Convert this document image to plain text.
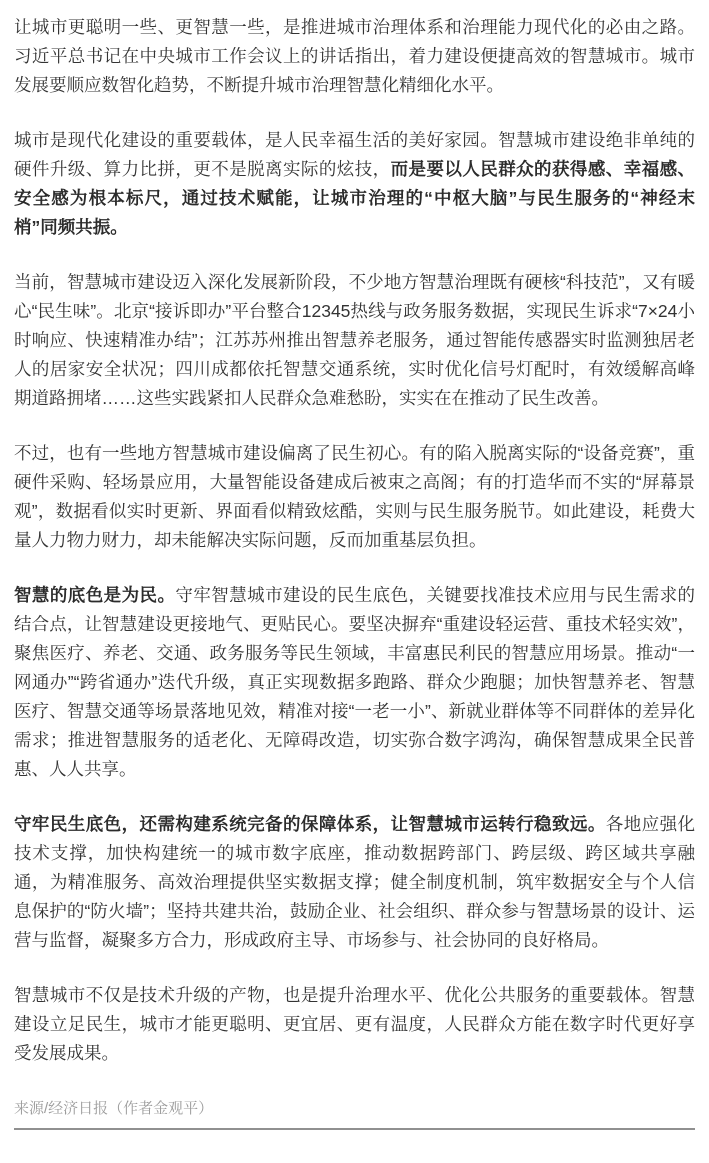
让城市更聪明一些、更智慧一些，是推进城市治理体系和治理能力现代化的必由之路。习近平总书记在中央城市工作会议上的讲话指出，着力建设便捷高效的智慧城市。城市发展要顺应数智化趋势，不断提升城市治理智慧化精细化水平。

城市是现代化建设的重要载体，是人民幸福生活的美好家园。智慧城市建设绝非单纯的硬件升级、算力比拼，更不是脱离实际的炫技，而是要以人民群众的获得感、幸福感、安全感为根本标尺，通过技术赋能，让城市治理的“中枢大脑”与民生服务的“神经末梢”同频共振。

当前，智慧城市建设迈入深化发展新阶段，不少地方智慧治理既有硬核“科技范”，又有暖心“民生味”。北京“接诉即办”平台整合12345热线与政务服务数据，实现民生诉求“7×24小时响应、快速精准办结”；江苏苏州推出智慧养老服务，通过智能传感器实时监测独居老人的居家安全状况；四川成都依托智慧交通系统，实时优化信号灯配时，有效缓解高峰期道路拥堵……这些实践紧扣人民群众急难愁盼，实实在在推动了民生改善。

不过，也有一些地方智慧城市建设偏离了民生初心。有的陷入脱离实际的“设备竞赛”，重硬件采购、轻场景应用，大量智能设备建成后被束之高阁；有的打造华而不实的“屏幕景观”，数据看似实时更新、界面看似精致炫酷，实则与民生服务脱节。如此建设，耗费大量人力物力财力，却未能解决实际问题，反而加重基层负担。

智慧的底色是为民。守牢智慧城市建设的民生底色，关键要找准技术应用与民生需求的结合点，让智慧建设更接地气、更贴民心。要坚决摒弃“重建设轻运营、重技术轻实效”，聚焦医疗、养老、交通、政务服务等民生领域，丰富惠民利民的智慧应用场景。推动“一网通办”“跨省通办”迭代升级，真正实现数据多跑路、群众少跑腿；加快智慧养老、智慧医疗、智慧交通等场景落地见效，精准对接“一老一小”、新就业群体等不同群体的差异化需求；推进智慧服务的适老化、无障碍改造，切实弥合数字鸿沟，确保智慧成果全民普惠、人人共享。

守牢民生底色，还需构建系统完备的保障体系，让智慧城市运转行稳致远。各地应强化技术支撑，加快构建统一的城市数字底座，推动数据跨部门、跨层级、跨区域共享融通，为精准服务、高效治理提供坚实数据支撑；健全制度机制，筑牢数据安全与个人信息保护的“防火墙”；坚持共建共治，鼓励企业、社会组织、群众参与智慧场景的设计、运营与监督，凝聚多方合力，形成政府主导、市场参与、社会协同的良好格局。

智慧城市不仅是技术升级的产物，也是提升治理水平、优化公共服务的重要载体。智慧建设立足民生，城市才能更聪明、更宜居、更有温度，人民群众方能在数字时代更好享受发展成果。

来源/经济日报（作者金观平）
